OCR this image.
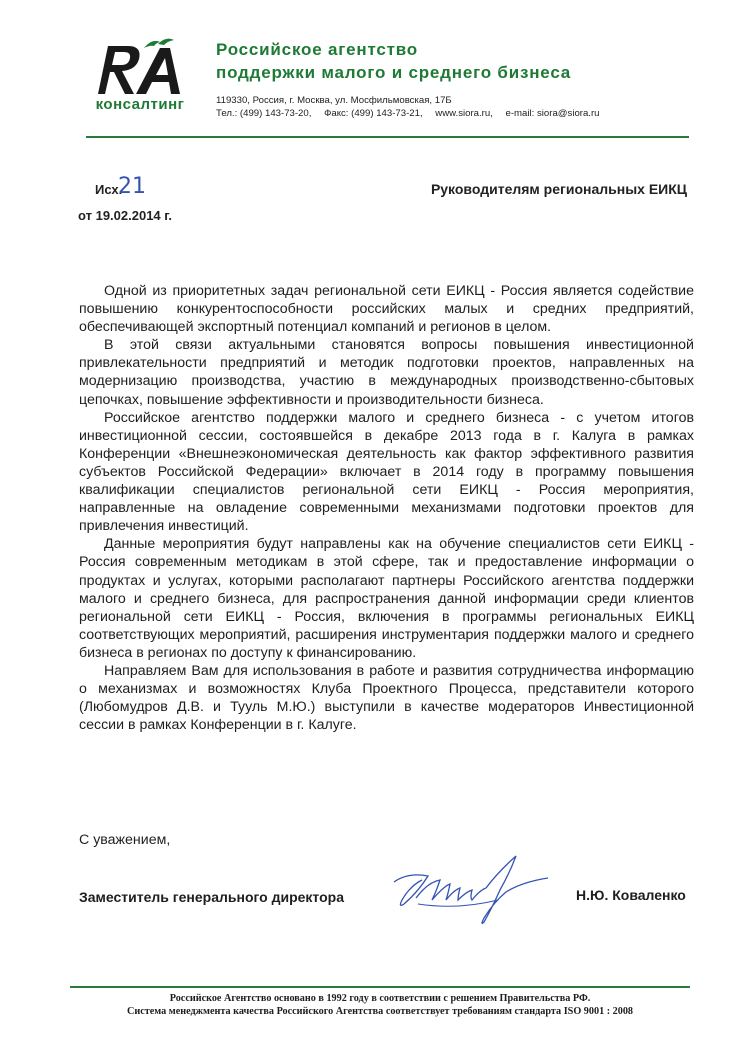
консалтинг
Российское агентство
поддержки малого и среднего бизнеса
119330, Россия, г. Москва, ул. Мосфильмовская, 17Б
Тел.: (499) 143-73-20, Факс: (499) 143-73-21, www.siora.ru, e-mail: siora@siora.ru
Исх.
21
от 19.02.2014 г.
Руководителям региональных ЕИКЦ

Одной из приоритетных задач региональной сети ЕИКЦ - Россия является содействие повышению конкурентоспособности российских малых и средних предприятий, обеспечивающей экспортный потенциал компаний и регионов в целом.

В этой связи актуальными становятся вопросы повышения инвестиционной привлекательности предприятий и методик подготовки проектов, направленных на модернизацию производства, участию в международных производственно-сбытовых цепочках, повышение эффективности и производительности бизнеса.

Российское агентство поддержки малого и среднего бизнеса - с учетом итогов инвестиционной сессии, состоявшейся в декабре 2013 года в г. Калуга в рамках Конференции «Внешнеэкономическая деятельность как фактор эффективного развития субъектов Российской Федерации» включает в 2014 году в программу повышения квалификации специалистов региональной сети ЕИКЦ - Россия мероприятия, направленные на овладение современными механизмами подготовки проектов для привлечения инвестиций.

Данные мероприятия будут направлены как на обучение специалистов сети ЕИКЦ - Россия современным методикам в этой сфере, так и предоставление информации о продуктах и услугах, которыми располагают партнеры Российского агентства поддержки малого и среднего бизнеса, для распространения данной информации среди клиентов региональной сети ЕИКЦ - Россия, включения в программы региональных ЕИКЦ соответствующих мероприятий, расширения инструментария поддержки малого и среднего бизнеса в регионах по доступу к финансированию.

Направляем Вам для использования в работе и развития сотрудничества информацию о механизмах и возможностях Клуба Проектного Процесса, представители которого (Любомудров Д.В. и Тууль М.Ю.) выступили в качестве модераторов Инвестиционной сессии в рамках Конференции в г. Калуге.

С уважением,
Заместитель генерального директора	Н.Ю. Коваленко
Российское Агентство основано в 1992 году в соответствии с решением Правительства РФ.
Система менеджмента качества Российского Агентства соответствует требованиям стандарта ISO 9001 : 2008
